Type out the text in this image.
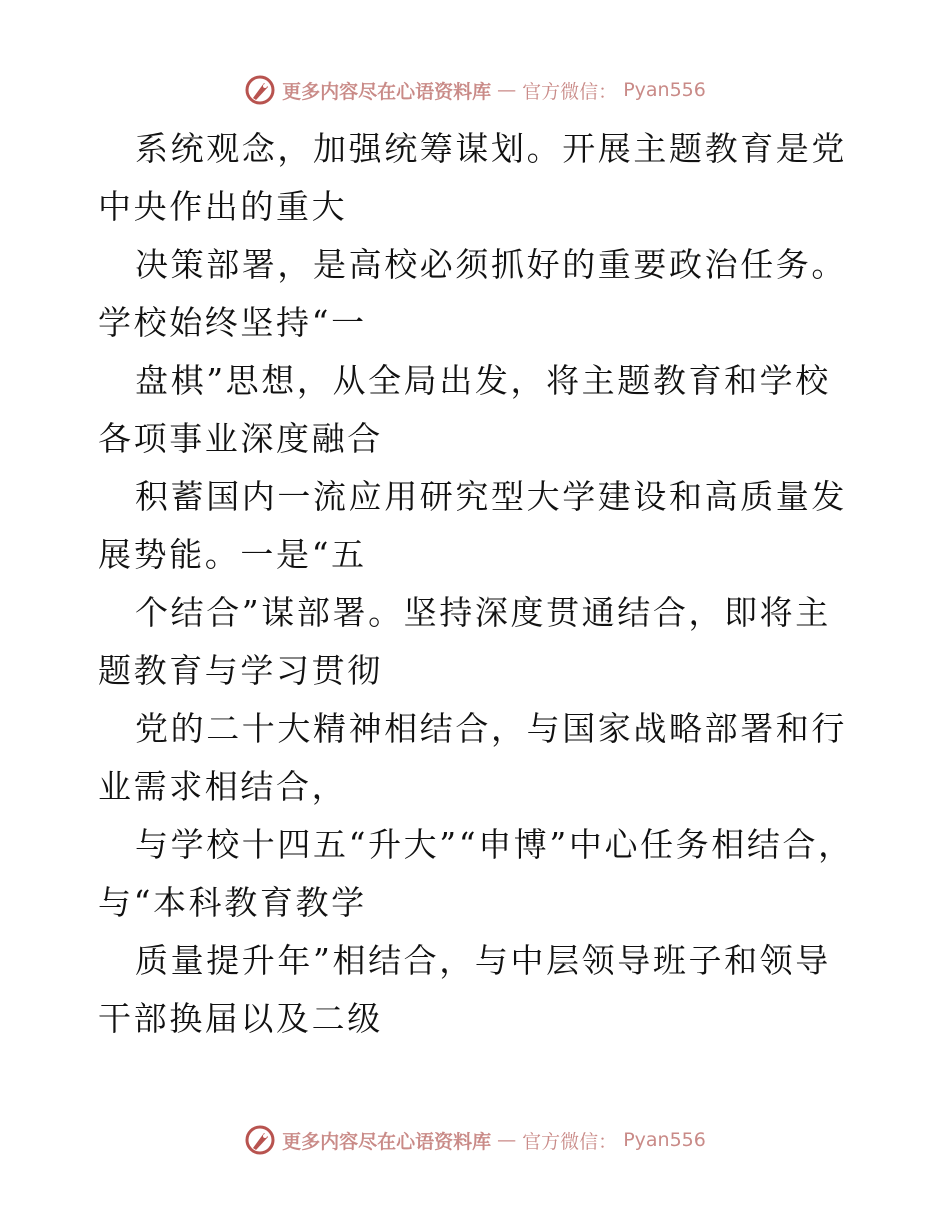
更多内容尽在心语资料库 — 官方微信： Pyan556

系统观念，加强统筹谋划。开展主题教育是党中央作出的重大

决策部署，是高校必须抓好的重要政治任务。学校始终坚持“一

盘棋”思想，从全局出发，将主题教育和学校各项事业深度融合

积蓄国内一流应用研究型大学建设和高质量发展势能。一是“五

个结合”谋部署。坚持深度贯通结合，即将主题教育与学习贯彻

党的二十大精神相结合，与国家战略部署和行业需求相结合，

与学校十四五“升大”“申博”中心任务相结合，与“本科教育教学

质量提升年”相结合，与中层领导班子和领导干部换届以及二级

更多内容尽在心语资料库 — 官方微信： Pyan556
